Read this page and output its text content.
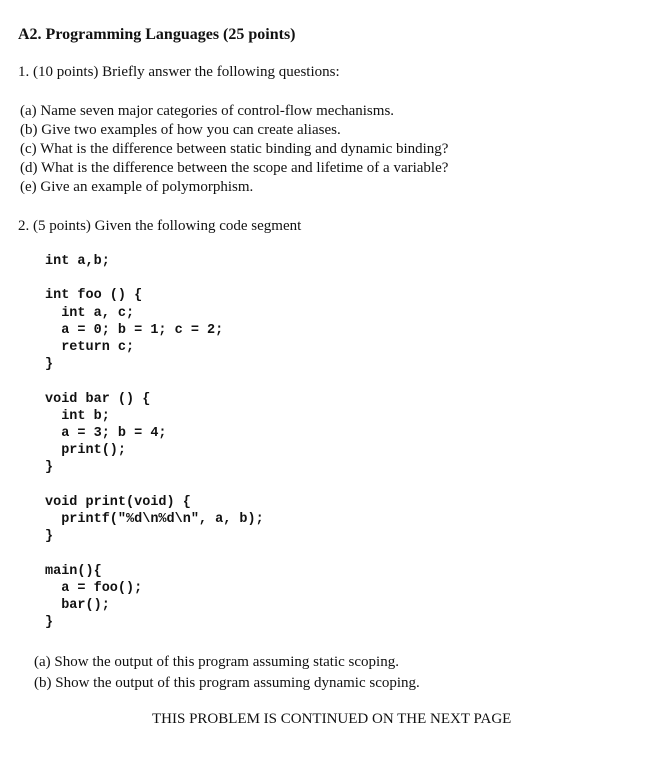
A2. Programming Languages (25 points)
1. (10 points) Briefly answer the following questions:
(a) Name seven major categories of control-flow mechanisms.
(b) Give two examples of how you can create aliases.
(c) What is the difference between static binding and dynamic binding?
(d) What is the difference between the scope and lifetime of a variable?
(e) Give an example of polymorphism.
2. (5 points) Given the following code segment
int a,b;

int foo () {
int a, c;
a = 0; b = 1; c = 2;
return c;
}

void bar () {
int b;
a = 3; b = 4;
print();
}

void print(void) {
printf("%d\n%d\n", a, b);
}

main(){
a = foo();
bar();
}
(a) Show the output of this program assuming static scoping.
(b) Show the output of this program assuming dynamic scoping.
THIS PROBLEM IS CONTINUED ON THE NEXT PAGE
